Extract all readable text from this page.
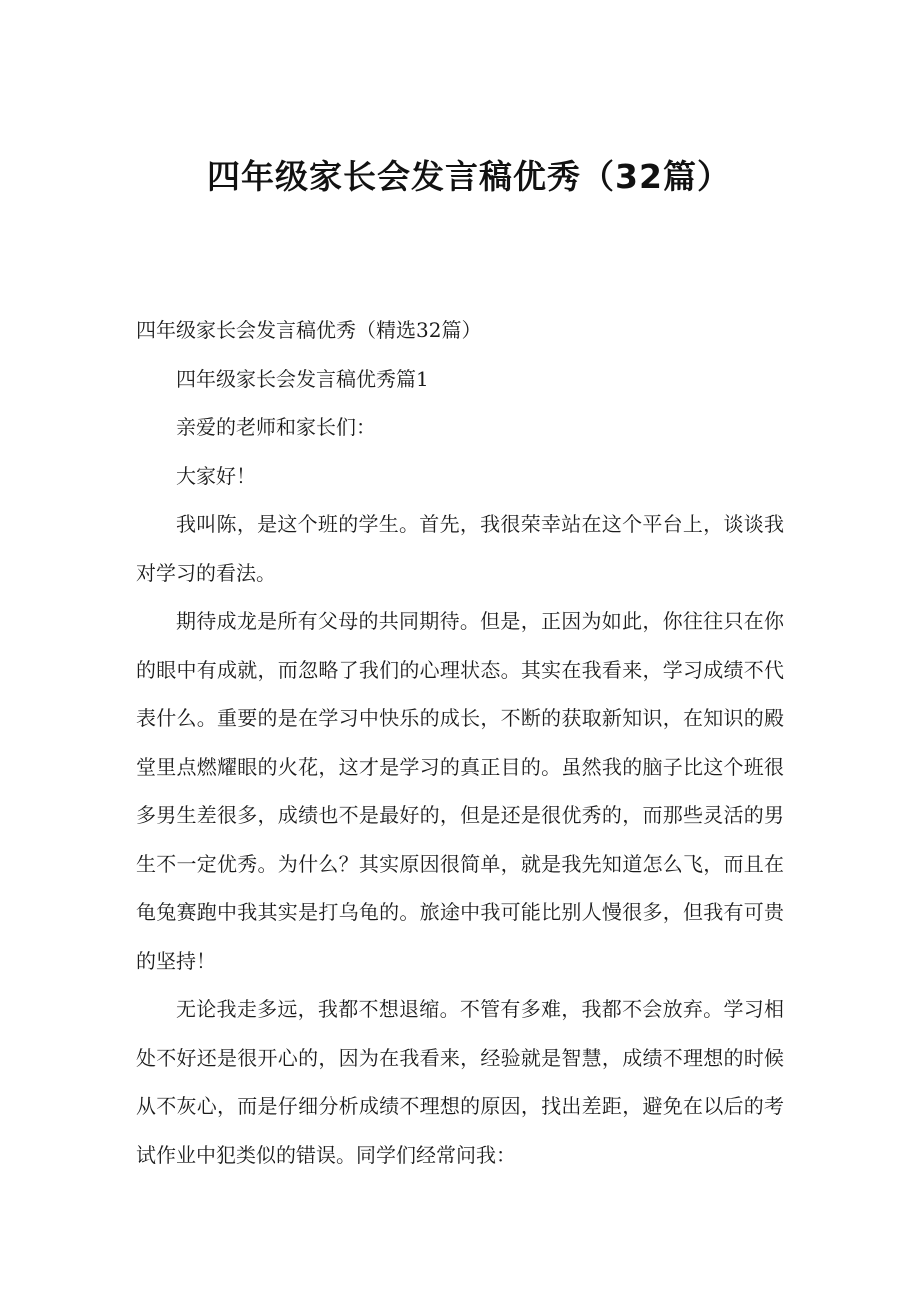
四年级家长会发言稿优秀（32篇）

四年级家长会发言稿优秀（精选32篇）

四年级家长会发言稿优秀篇1

亲爱的老师和家长们：

大家好！

我叫陈，是这个班的学生。首先，我很荣幸站在这个平台上，谈谈我对学习的看法。

期待成龙是所有父母的共同期待。但是，正因为如此，你往往只在你的眼中有成就，而忽略了我们的心理状态。其实在我看来，学习成绩不代表什么。重要的是在学习中快乐的成长，不断的获取新知识，在知识的殿堂里点燃耀眼的火花，这才是学习的真正目的。虽然我的脑子比这个班很多男生差很多，成绩也不是最好的，但是还是很优秀的，而那些灵活的男生不一定优秀。为什么？其实原因很简单，就是我先知道怎么飞，而且在龟兔赛跑中我其实是打乌龟的。旅途中我可能比别人慢很多，但我有可贵的坚持！

无论我走多远，我都不想退缩。不管有多难，我都不会放弃。学习相处不好还是很开心的，因为在我看来，经验就是智慧，成绩不理想的时候从不灰心，而是仔细分析成绩不理想的原因，找出差距，避免在以后的考试作业中犯类似的错误。同学们经常问我：
